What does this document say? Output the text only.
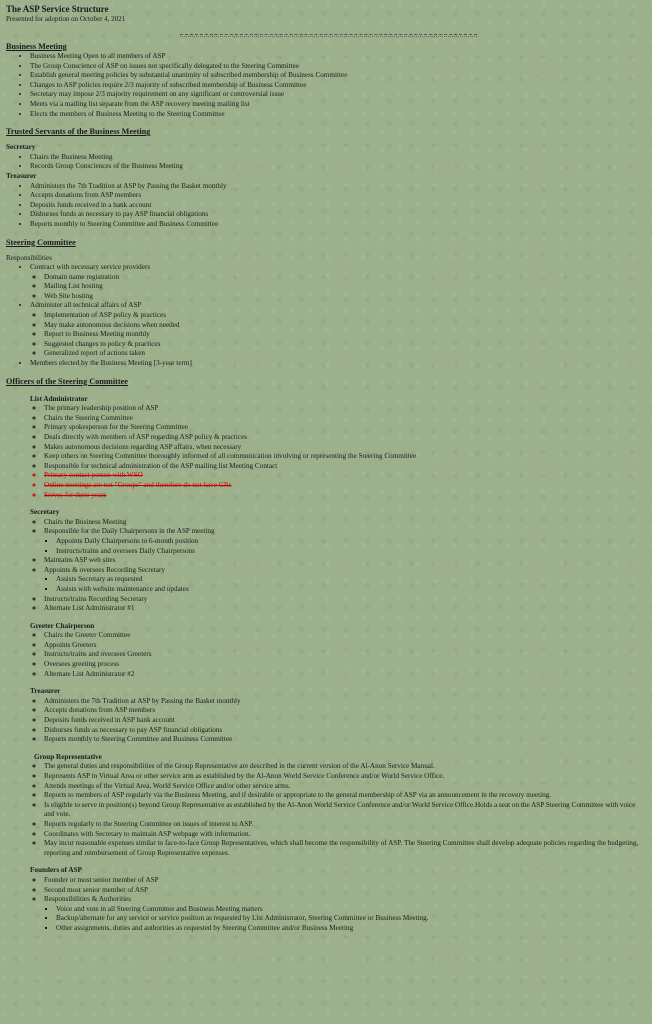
The ASP Service Structure
Presented for adoption on October 4, 2021
Business Meeting
• Business Meeting Open to all members of ASP
• The Group Conscience of ASP on issues not specifically delegated to the Steering Committee
• Establish general meeting policies by substantial unanimity of subscribed membership of Business Committee
• Changes to ASP policies require 2/3 majority of subscribed membership of Business Committee
• Secretary may impose 2/3 majority requirement on any significant or controversial issue
• Meets via a mailing list separate from the ASP recovery meeting mailing list
• Elects the members of Business Meeting to the Steering Committee
Trusted Servants of the Business Meeting
Secretary
• Chairs the Business Meeting
• Records Group Consciences of the Business Meeting
Treasurer
• Administers the 7th Tradition at ASP by Passing the Basket monthly
• Accepts donations from ASP members
• Deposits funds received in a bank account
• Disburses funds as necessary to pay ASP financial obligations
• Reports monthly to Steering Committee and Business Committee
Steering Committee
Responsibilities
• Contract with necessary service providers
◦ Domain name registration
◦ Mailing List hosting
◦ Web Site hosting
• Administer all technical affairs of ASP
◦ Implementation of ASP policy & practices
◦ May make autonomous decisions when needed
◦ Report to Business Meeting monthly
◦ Suggested changes to policy & practices
◦ Generalized report of actions taken
• Members elected by the Business Meeting [3-year term]
Officers of the Steering Committee
List Administrator
◦ The primary leadership position of ASP
◦ Chairs the Steering Committee
◦ Primary spokesperson for the Steering Committee
◦ Deals directly with members of ASP regarding ASP policy & practices
◦ Makes autonomous decisions regarding ASP affairs, when necessary
◦ Keep others on Steering Committee thoroughly informed of all communication involving or representing the Steering Committee
◦ Responsible for technical administration of the ASP mailing list Meeting Contact
◦ Primary contact person with WSO
◦ Online meetings are not "Groups" and therefore do not have GRs
◦ Serves for three years
Secretary
◦ Chairs the Business Meeting
◦ Responsible for the Daily Chairpersons in the ASP meeting
▪ Appoints Daily Chairpersons to 6-month position
▪ Instructs/trains and oversees Daily Chairpersons
◦ Maintains ASP web sites
◦ Appoints & oversees Recording Secretary
▪ Assists Secretary as requested
▪ Assists with website maintenance and updates
◦ Instructs/trains Recording Secretary
◦ Alternate List Administrator #1
Greeter Chairperson
◦ Chairs the Greeter Committee
◦ Appoints Greeters
◦ Instructs/trains and oversees Greeters
◦ Oversees greeting process
◦ Alternate List Administrator #2
Treasurer
◦ Administers the 7th Tradition at ASP by Passing the Basket monthly
◦ Accepts donations from ASP members
◦ Deposits funds received in ASP bank account
◦ Disburses funds as necessary to pay ASP financial obligations
◦ Reports monthly to Steering Committee and Business Committee
Group Representative
◦ The general duties and responsibilities of the Group Representative are described in the current version of the Al-Anon Service Manual.
◦ Represents ASP in Virtual Area or other service arm as established by the Al-Anon World Service Conference and/or World Service Office.
◦ Attends meetings of the Virtual Area, World Service Office and/or other service arms.
◦ Reports to members of ASP regularly via the Business Meeting, and if desirable or appropriate to the general membership of ASP via an announcement in the recovery meeting.
◦ Is eligible to serve in position(s) beyond Group Representative as established by the Al-Anon World Service Conference and/or World Service Office.Holds a seat on the ASP Steering Committee with voice and vote.
◦ Reports regularly to the Steering Committee on issues of interest to ASP.
◦ Coordinates with Secretary to maintain ASP webpage with information.
◦ May incur reasonable expenses similar to face-to-face Group Representatives, which shall become the responsibility of ASP. The Steering Committee shall develop adequate policies regarding the budgeting, reporting and reimbursement of Group Representative expenses.
Founders of ASP
◦ Founder or most senior member of ASP
◦ Second most senior member of ASP
◦ Responsibilities & Authorities
▪ Voice and vote in all Steering Committee and Business Meeting matters
▪ Backup/alternate for any service or service position as requested by List Administrator, Steering Committee or Business Meeting.
▪ Other assignments, duties and authorities as requested by Steering Committee and/or Business Meeting
